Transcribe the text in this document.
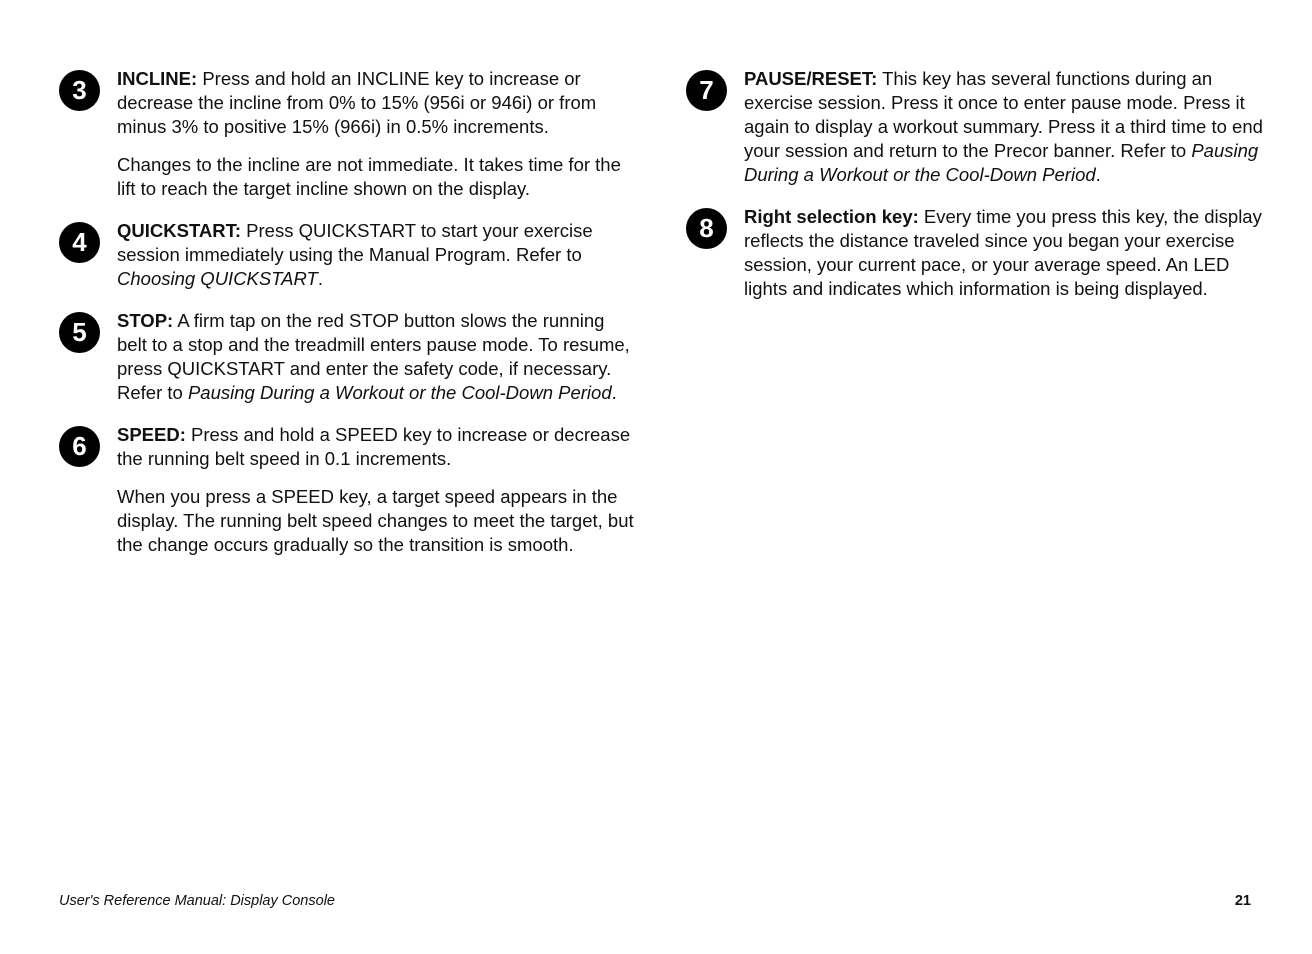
3	INCLINE: Press and hold an INCLINE key to increase or decrease the incline from 0% to 15% (956i or 946i) or from minus 3% to positive 15% (966i) in 0.5% increments.

Changes to the incline are not immediate. It takes time for the lift to reach the target incline shown on the display.

4	QUICKSTART: Press QUICKSTART to start your exercise session immediately using the Manual Program. Refer to Choosing QUICKSTART.

5	STOP: A firm tap on the red STOP button slows the running belt to a stop and the treadmill enters pause mode. To resume, press QUICKSTART and enter the safety code, if necessary. Refer to Pausing During a Workout or the Cool-Down Period.

6	SPEED: Press and hold a SPEED key to increase or decrease the running belt speed in 0.1 increments.

When you press a SPEED key, a target speed appears in the display. The running belt speed changes to meet the target, but the change occurs gradually so the transition is smooth.

7	PAUSE/RESET: This key has several functions during an exercise session. Press it once to enter pause mode. Press it again to display a workout summary. Press it a third time to end your session and return to the Precor banner. Refer to Pausing During a Workout or the Cool-Down Period.

8	Right selection key: Every time you press this key, the display reflects the distance traveled since you began your exercise session, your current pace, or your average speed. An LED lights and indicates which information is being displayed.

User's Reference Manual: Display Console	21
